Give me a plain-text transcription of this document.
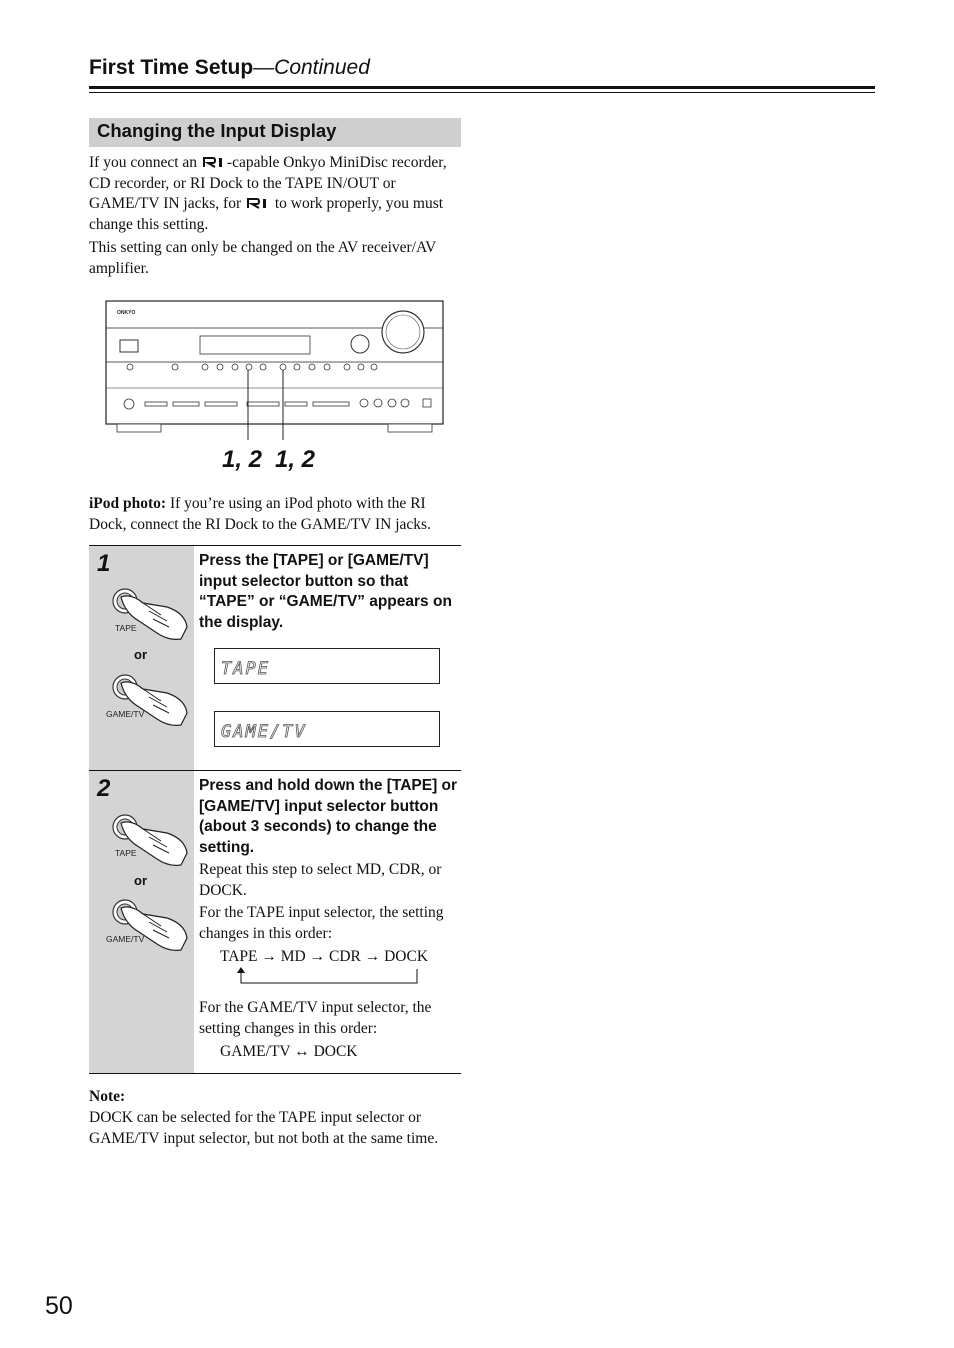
First Time Setup—Continued
Changing the Input Display
If you connect an -capable Onkyo MiniDisc recorder, CD recorder, or RI Dock to the TAPE IN/OUT or GAME/TV IN jacks, for  to work properly, you must change this setting.
This setting can only be changed on the AV receiver/AV amplifier.
ONKYO
1, 2 1, 2
iPod photo: If you’re using an iPod photo with the RI Dock, connect the RI Dock to the GAME/TV IN jacks.
1
TAPE
or
GAME/TV
Press the [TAPE] or [GAME/TV] input selector button so that “TAPE” or “GAME/TV” appears on the display.
TAPE
GAME/TV
2
TAPE
or
GAME/TV
Press and hold down the [TAPE] or [GAME/TV] input selector button (about 3 seconds) to change the setting.
Repeat this step to select MD, CDR, or DOCK.
For the TAPE input selector, the setting changes in this order:
TAPE → MD → CDR → DOCK
For the GAME/TV input selector, the setting changes in this order:
GAME/TV ↔ DOCK
Note:
DOCK can be selected for the TAPE input selector or GAME/TV input selector, but not both at the same time.
50
